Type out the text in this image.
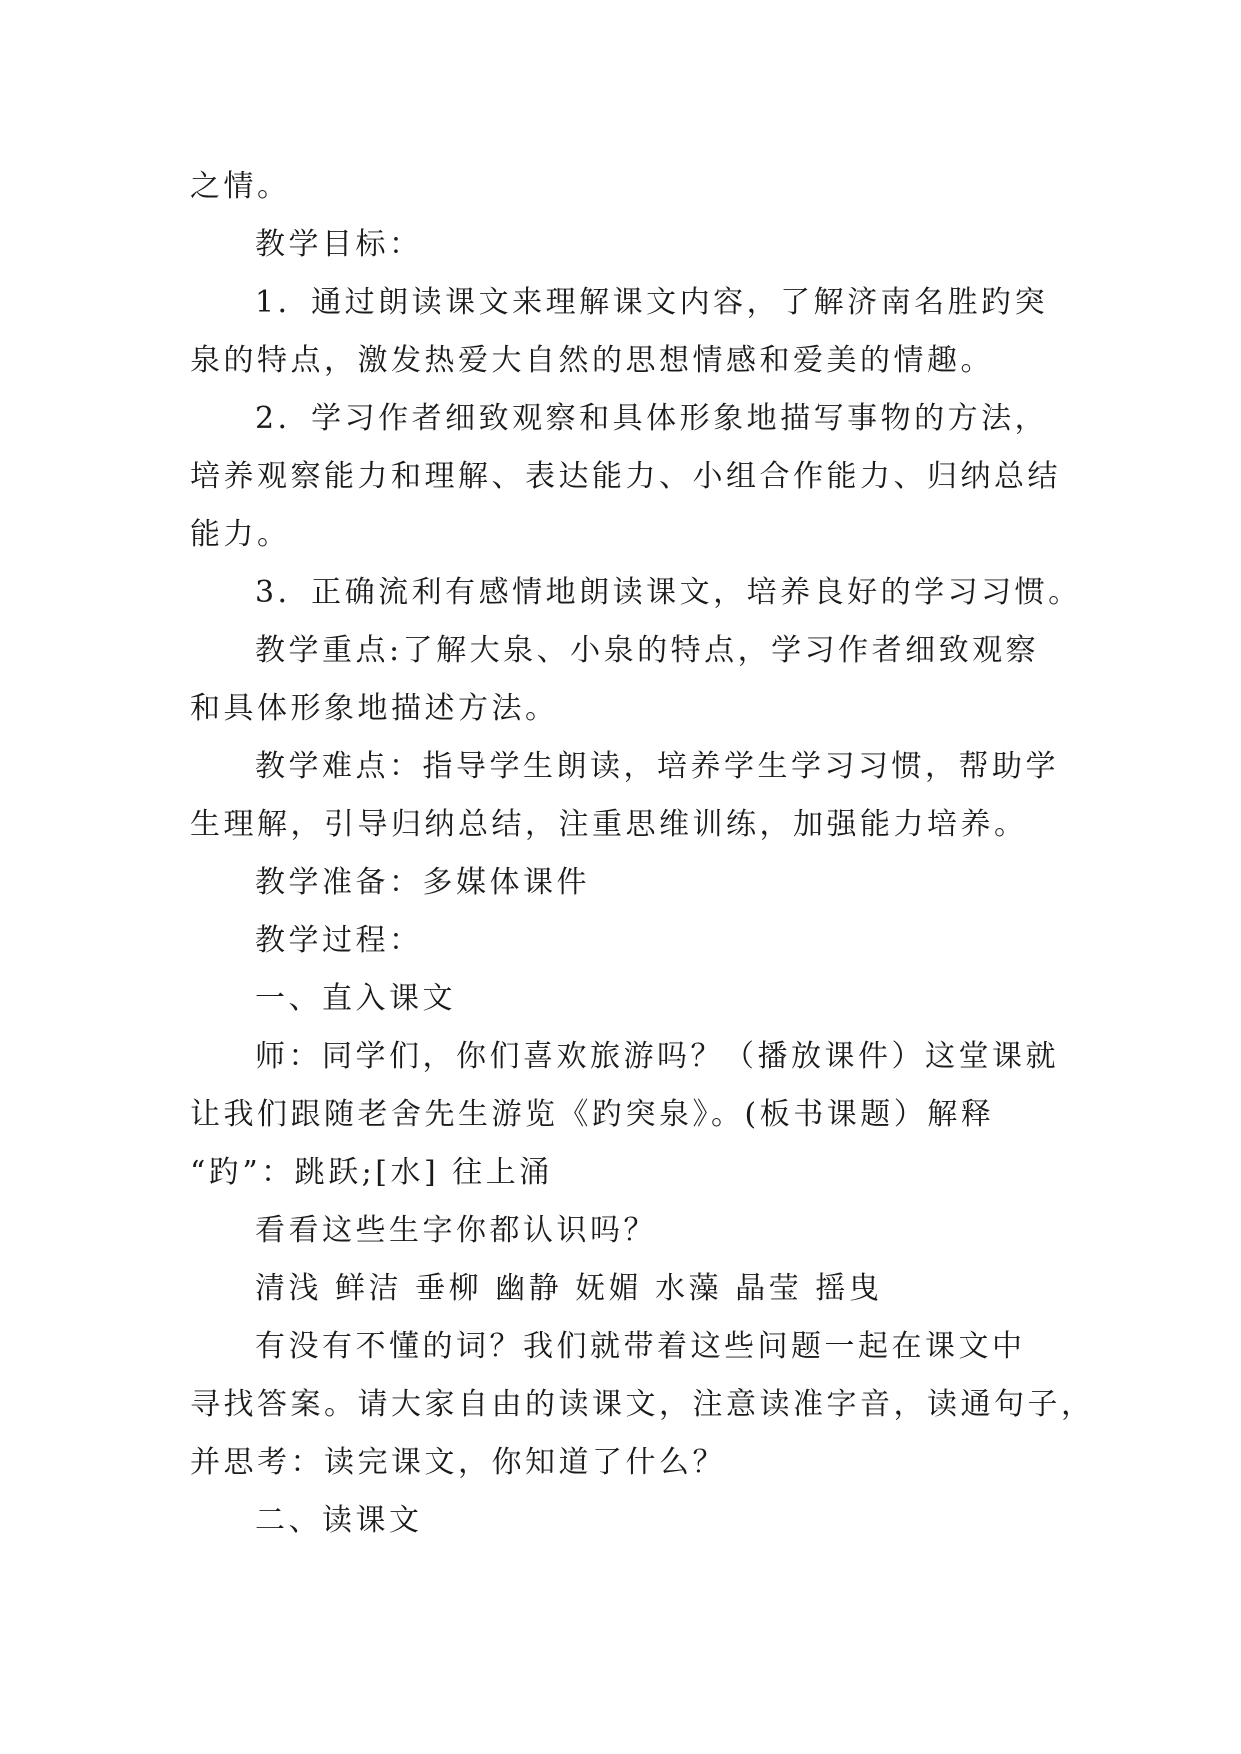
之情。
教学目标：
1．通过朗读课文来理解课文内容，了解济南名胜趵突
泉的特点，激发热爱大自然的思想情感和爱美的情趣。
2．学习作者细致观察和具体形象地描写事物的方法，
培养观察能力和理解、表达能力、小组合作能力、归纳总结
能力。
3．正确流利有感情地朗读课文，培养良好的学习习惯。
教学重点:了解大泉、小泉的特点，学习作者细致观察
和具体形象地描述方法。
教学难点：指导学生朗读，培养学生学习习惯，帮助学
生理解，引导归纳总结，注重思维训练，加强能力培养。
教学准备：多媒体课件
教学过程：
一、直入课文
师：同学们，你们喜欢旅游吗？（播放课件）这堂课就
让我们跟随老舍先生游览《趵突泉》。(板书课题）解释
“趵”：跳跃;[水] 往上涌
看看这些生字你都认识吗？
清浅 鲜洁 垂柳 幽静 妩媚 水藻 晶莹 摇曳
有没有不懂的词？我们就带着这些问题一起在课文中
寻找答案。请大家自由的读课文，注意读准字音，读通句子，
并思考：读完课文，你知道了什么？
二、读课文
